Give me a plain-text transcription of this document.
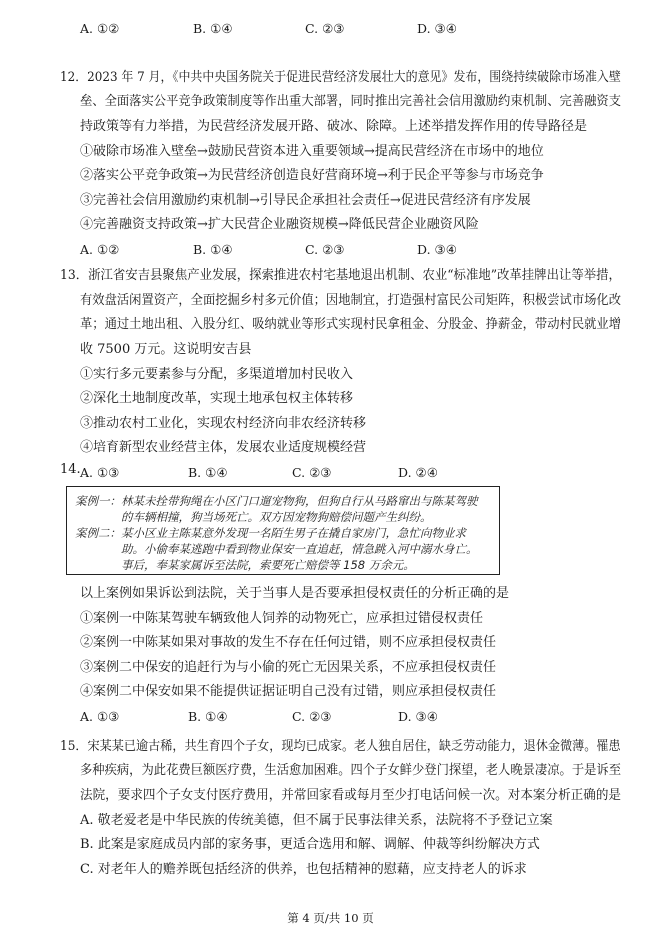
A. ①②	B. ①④	C. ②③	D. ③④
12．2023 年 7 月，《中共中央国务院关于促进民营经济发展壮大的意见》发布，围绕持续破除市场准入壁
垒、全面落实公平竞争政策制度等作出重大部署，同时推出完善社会信用激励约束机制、完善融资支
持政策等有力举措，为民营经济发展开路、破冰、除障。上述举措发挥作用的传导路径是
①破除市场准入壁垒→鼓励民营资本进入重要领域→提高民营经济在市场中的地位
②落实公平竞争政策→为民营经济创造良好营商环境→利于民企平等参与市场竞争
③完善社会信用激励约束机制→引导民企承担社会责任→促进民营经济有序发展
④完善融资支持政策→扩大民营企业融资规模→降低民营企业融资风险
A. ①②	B. ①④	C. ②③	D. ③④
13．浙江省安吉县聚焦产业发展，探索推进农村宅基地退出机制、农业“标准地”改革挂牌出让等举措，
有效盘活闲置资产，全面挖掘乡村多元价值；因地制宜，打造强村富民公司矩阵，积极尝试市场化改
革；通过土地出租、入股分红、吸纳就业等形式实现村民拿租金、分股金、挣薪金，带动村民就业增
收 7500 万元。这说明安吉县
①实行多元要素参与分配，多渠道增加村民收入
②深化土地制度改革，实现土地承包权主体转移
③推动农村工业化，实现农村经济向非农经济转移
④培育新型农业经营主体，发展农业适度规模经营
A. ①③	B. ①④	C. ②③	D. ②④
14.
案例一：林某未拴带狗绳在小区门口遛宠物狗，但狗自行从马路窜出与陈某驾驶
　　　　的车辆相撞，狗当场死亡。双方因宠物狗赔偿问题产生纠纷。
案例二：某小区业主陈某意外发现一名陌生男子在撬自家房门，急忙向物业求
　　　　助。小偷奉某逃跑中看到物业保安一直追赶，情急跳入河中溺水身亡。
　　　　事后，奉某家属诉至法院，索要死亡赔偿等 158 万余元。
以上案例如果诉讼到法院，关于当事人是否要承担侵权责任的分析正确的是
①案例一中陈某驾驶车辆致他人饲养的动物死亡，应承担过错侵权责任
②案例一中陈某如果对事故的发生不存在任何过错，则不应承担侵权责任
③案例二中保安的追赶行为与小偷的死亡无因果关系，不应承担侵权责任
④案例二中保安如果不能提供证据证明自己没有过错，则应承担侵权责任
A. ①③	B. ①④	C. ②③	D. ③④
15．宋某某已逾古稀，共生育四个子女，现均已成家。老人独自居住，缺乏劳动能力，退休金微薄。罹患
多种疾病，为此花费巨额医疗费，生活愈加困难。四个子女鲜少登门探望，老人晚景凄凉。于是诉至
法院，要求四个子女支付医疗费用，并常回家看或每月至少打电话问候一次。对本案分析正确的是
A. 敬老爱老是中华民族的传统美德，但不属于民事法律关系，法院将不予登记立案
B. 此案是家庭成员内部的家务事，更适合选用和解、调解、仲裁等纠纷解决方式
C. 对老年人的赡养既包括经济的供养，也包括精神的慰藉，应支持老人的诉求
第 4 页/共 10 页
